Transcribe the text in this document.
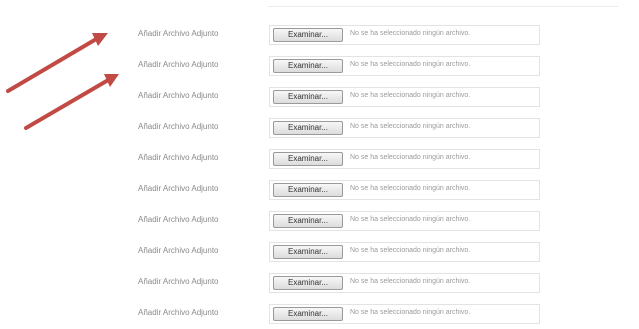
Añadir Archivo Adjunto	Examinar...	No se ha seleccionado ningún archivo.
Añadir Archivo Adjunto	Examinar...	No se ha seleccionado ningún archivo.
Añadir Archivo Adjunto	Examinar...	No se ha seleccionado ningún archivo.
Añadir Archivo Adjunto	Examinar...	No se ha seleccionado ningún archivo.
Añadir Archivo Adjunto	Examinar...	No se ha seleccionado ningún archivo.
Añadir Archivo Adjunto	Examinar...	No se ha seleccionado ningún archivo.
Añadir Archivo Adjunto	Examinar...	No se ha seleccionado ningún archivo.
Añadir Archivo Adjunto	Examinar...	No se ha seleccionado ningún archivo.
Añadir Archivo Adjunto	Examinar...	No se ha seleccionado ningún archivo.
Añadir Archivo Adjunto	Examinar...	No se ha seleccionado ningún archivo.
